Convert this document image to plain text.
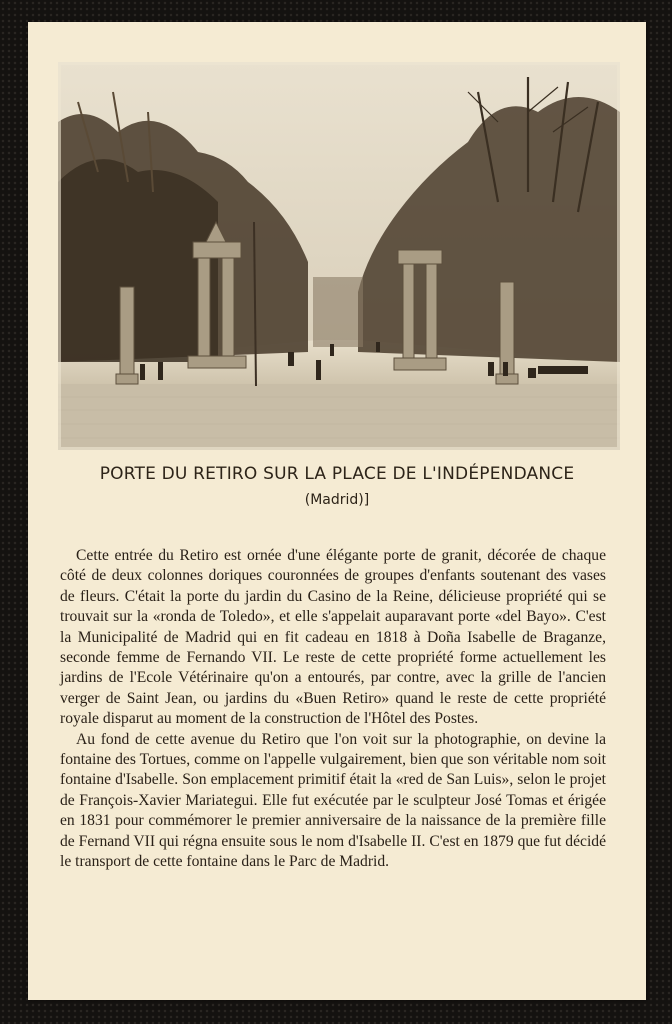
PORTE DU RETIRO SUR LA PLACE DE L'INDÉPENDANCE
(Madrid)]

Cette entrée du Retiro est ornée d'une élégante porte de granit, décorée de chaque côté de deux colonnes doriques couronnées de groupes d'enfants soutenant des vases de fleurs. C'était la porte du jardin du Casino de la Reine, délicieuse propriété qui se trouvait sur la «ronda de Toledo», et elle s'appelait auparavant porte «del Bayo». C'est la Municipalité de Madrid qui en fit cadeau en 1818 à Doña Isabelle de Braganze, seconde femme de Fernando VII. Le reste de cette propriété forme actuellement les jardins de l'Ecole Vétérinaire qu'on a entourés, par contre, avec la grille de l'ancien verger de Saint Jean, ou jardins du «Buen Retiro» quand le reste de cette propriété royale disparut au moment de la construction de l'Hôtel des Postes.

Au fond de cette avenue du Retiro que l'on voit sur la photographie, on devine la fontaine des Tortues, comme on l'appelle vulgairement, bien que son véritable nom soit fontaine d'Isabelle. Son emplacement primitif était la «red de San Luis», selon le projet de François-Xavier Mariategui. Elle fut exécutée par le sculpteur José Tomas et érigée en 1831 pour commémorer le premier anniversaire de la naissance de la première fille de Fernand VII qui régna ensuite sous le nom d'Isabelle II. C'est en 1879 que fut décidé le transport de cette fontaine dans le Parc de Madrid.
